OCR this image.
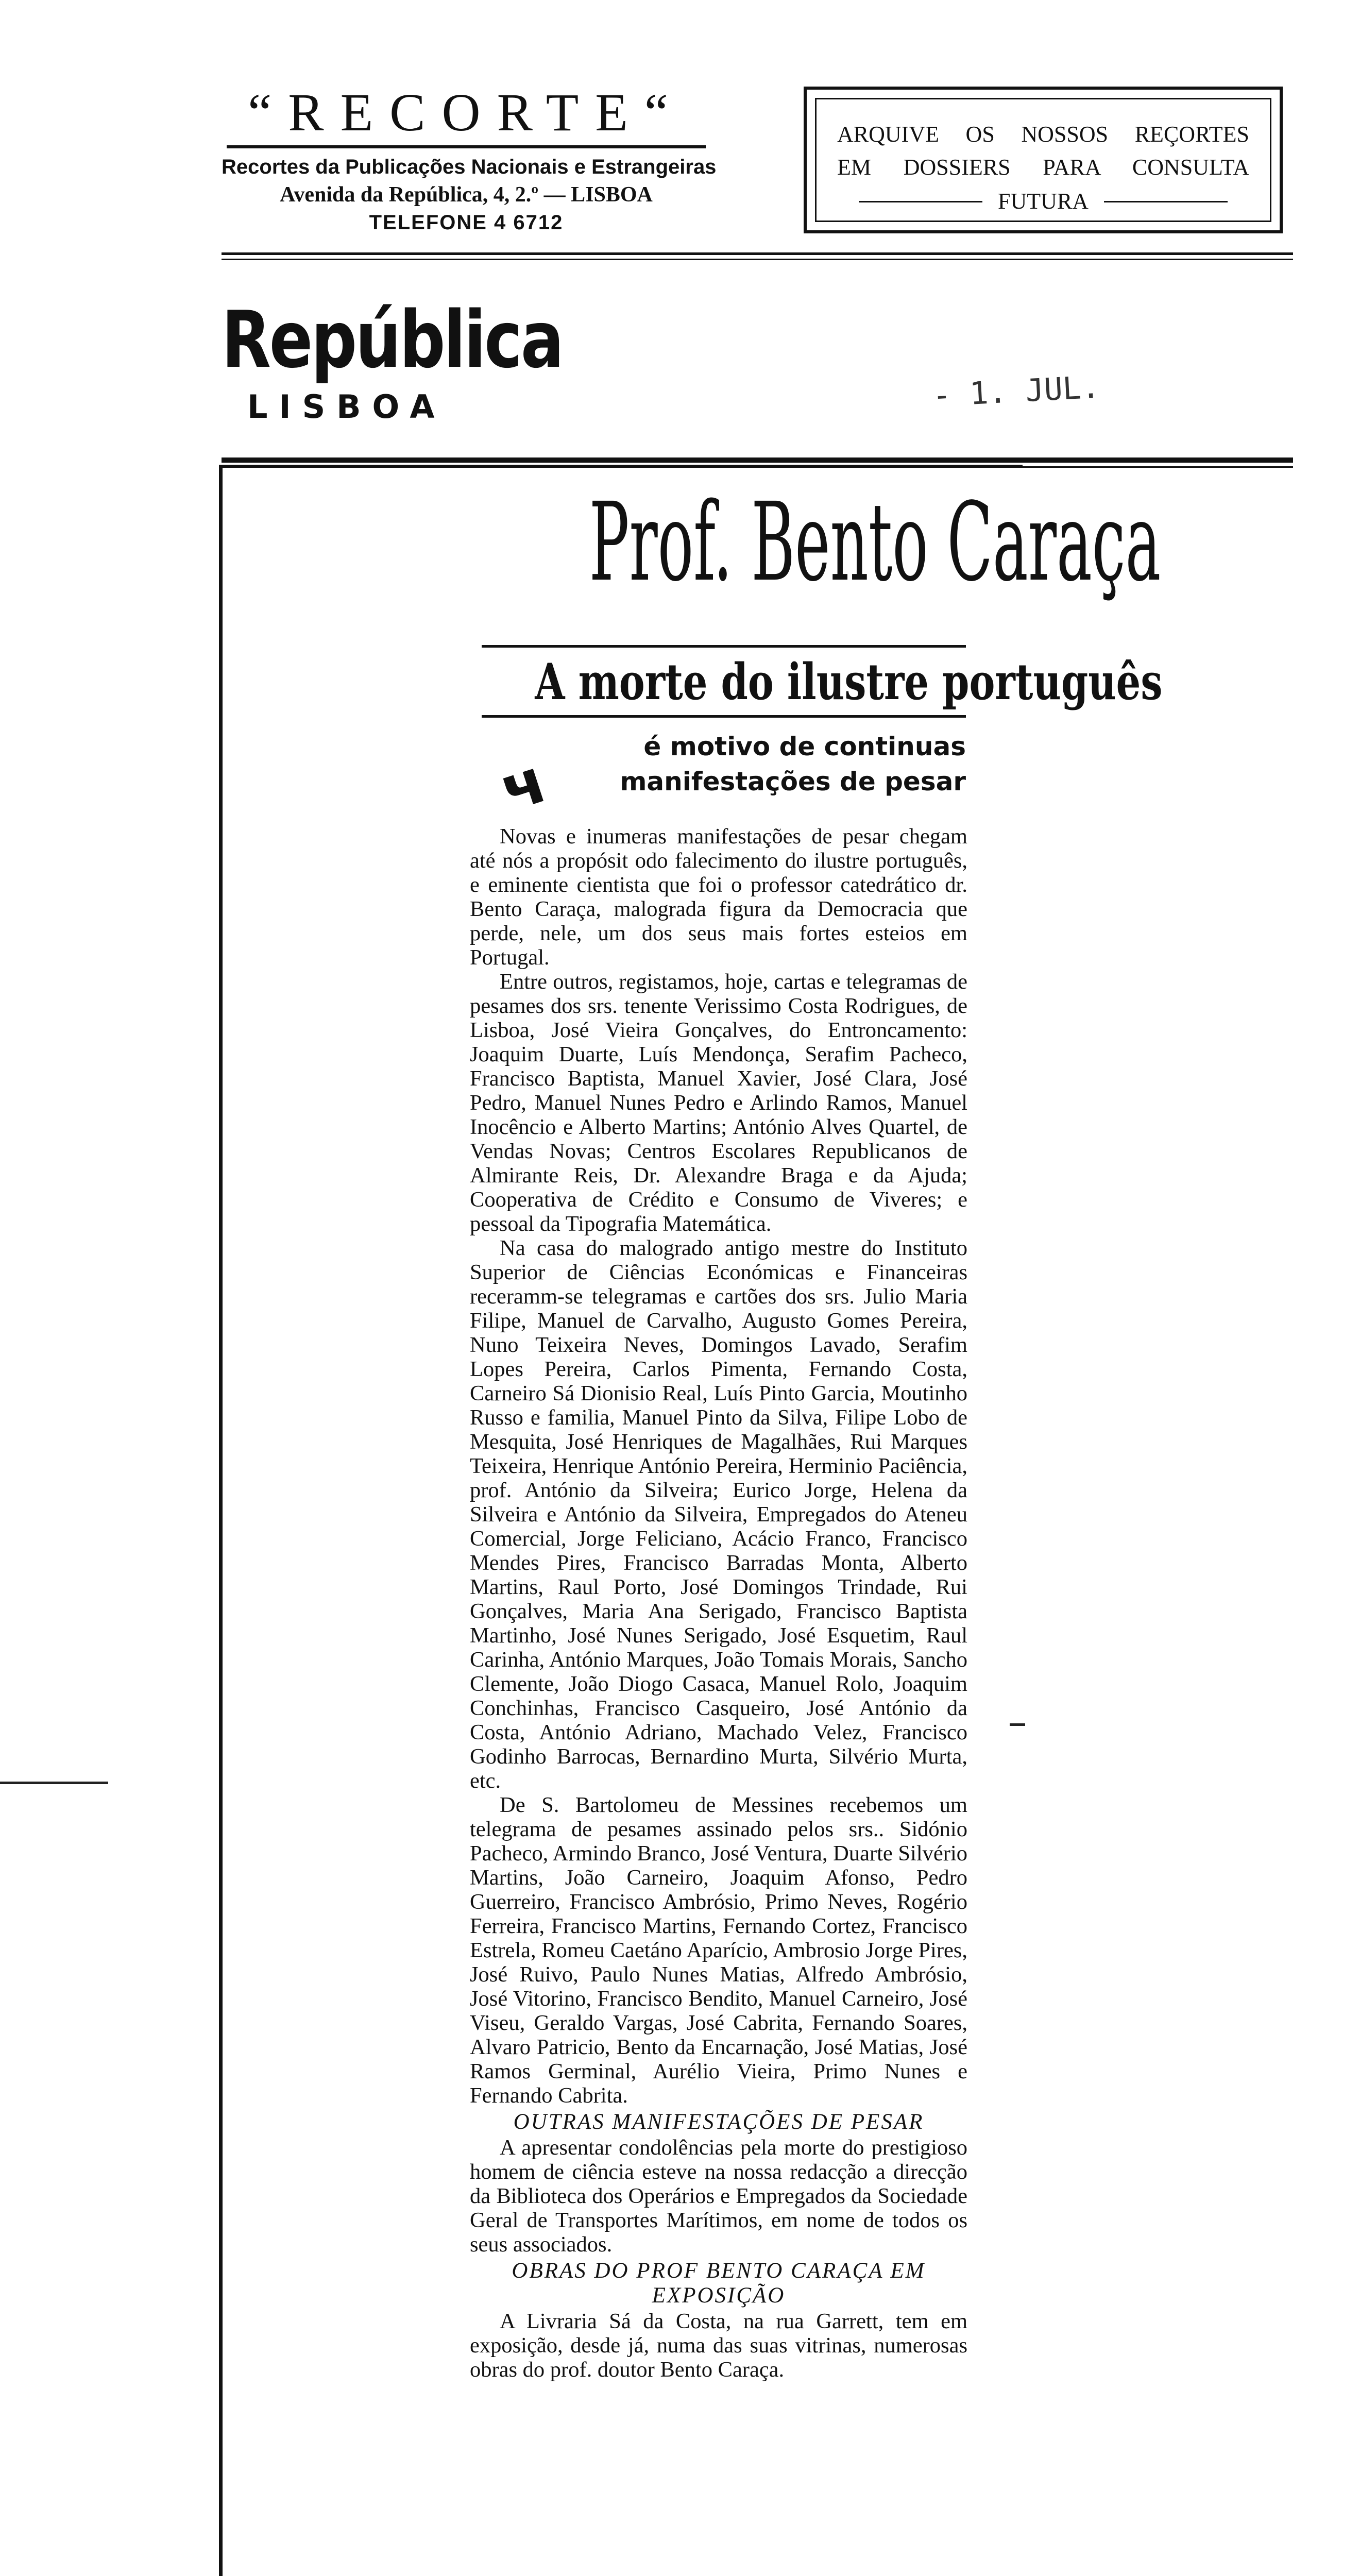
“RECORTE“
Recortes da Publicações Nacionais e Estrangeiras
Avenida da República, 4, 2.º — LISBOA
TELEFONE 4 6712
ARQUIVE OS NOSSOS REÇORTES
EM DOSSIERS PARA CONSULTA
FUTURA
República
LISBOA	- 1. JUL.
Prof. Bento Caraça
A morte do ilustre português
ч	é motivo de continuas manifestações de pesar

Novas e inumeras manifestações de pesar chegam até nós a propósit odo falecimento do ilustre português, e eminente cientista que foi o professor catedrático dr. Bento Caraça, malograda figura da Democracia que perde, nele, um dos seus mais fortes esteios em Portugal.

Entre outros, registamos, hoje, cartas e telegramas de pesames dos srs. tenente Verissimo Costa Rodrigues, de Lisboa, José Vieira Gonçalves, do Entroncamento: Joaquim Duarte, Luís Mendonça, Serafim Pacheco, Francisco Baptista, Manuel Xavier, José Clara, José Pedro, Manuel Nunes Pedro e Arlindo Ramos, Manuel Inocêncio e Alberto Martins; António Alves Quartel, de Vendas Novas; Centros Escolares Republicanos de Almirante Reis, Dr. Alexandre Braga e da Ajuda; Cooperativa de Crédito e Consumo de Viveres; e pessoal da Tipografia Matemática.

Na casa do malogrado antigo mestre do Instituto Superior de Ciências Económicas e Financeiras receramm-se telegramas e cartões dos srs. Julio Maria Filipe, Manuel de Carvalho, Augusto Gomes Pereira, Nuno Teixeira Neves, Domingos Lavado, Serafim Lopes Pereira, Carlos Pimenta, Fernando Costa, Carneiro Sá Dionisio Real, Luís Pinto Garcia, Moutinho Russo e familia, Manuel Pinto da Silva, Filipe Lobo de Mesquita, José Henriques de Magalhães, Rui Marques Teixeira, Henrique António Pereira, Herminio Paciência, prof. António da Silveira; Eurico Jorge, Helena da Silveira e António da Silveira, Empregados do Ateneu Comercial, Jorge Feliciano, Acácio Franco, Francisco Mendes Pires, Francisco Barradas Monta, Alberto Martins, Raul Porto, José Domingos Trindade, Rui Gonçalves, Maria Ana Serigado, Francisco Baptista Martinho, José Nunes Serigado, José Esquetim, Raul Carinha, António Marques, João Tomais Morais, Sancho Clemente, João Diogo Casaca, Manuel Rolo, Joaquim Conchinhas, Francisco Casqueiro, José António da Costa, António Adriano, Machado Velez, Francisco Godinho Barrocas, Bernardino Murta, Silvério Murta, etc.

De S. Bartolomeu de Messines recebemos um telegrama de pesames assinado pelos srs.. Sidónio Pacheco, Armindo Branco, José Ventura, Duarte Silvério Martins, João Carneiro, Joaquim Afonso, Pedro Guerreiro, Francisco Ambrósio, Primo Neves, Rogério Ferreira, Francisco Martins, Fernando Cortez, Francisco Estrela, Romeu Caetáno Aparício, Ambrosio Jorge Pires, José Ruivo, Paulo Nunes Matias, Alfredo Ambrósio, José Vitorino, Francisco Bendito, Manuel Carneiro, José Viseu, Geraldo Vargas, José Cabrita, Fernando Soares, Alvaro Patricio, Bento da Encarnação, José Matias, José Ramos Germinal, Aurélio Vieira, Primo Nunes e Fernando Cabrita.

OUTRAS MANIFESTAÇÕES DE PESAR

A apresentar condolências pela morte do prestigioso homem de ciência esteve na nossa redacção a direcção da Biblioteca dos Operários e Empregados da Sociedade Geral de Transportes Marítimos, em nome de todos os seus associados.

OBRAS DO PROF BENTO CARAÇA EM EXPOSIÇÃO

A Livraria Sá da Costa, na rua Garrett, tem em exposição, desde já, numa das suas vitrinas, numerosas obras do prof. doutor Bento Caraça.
